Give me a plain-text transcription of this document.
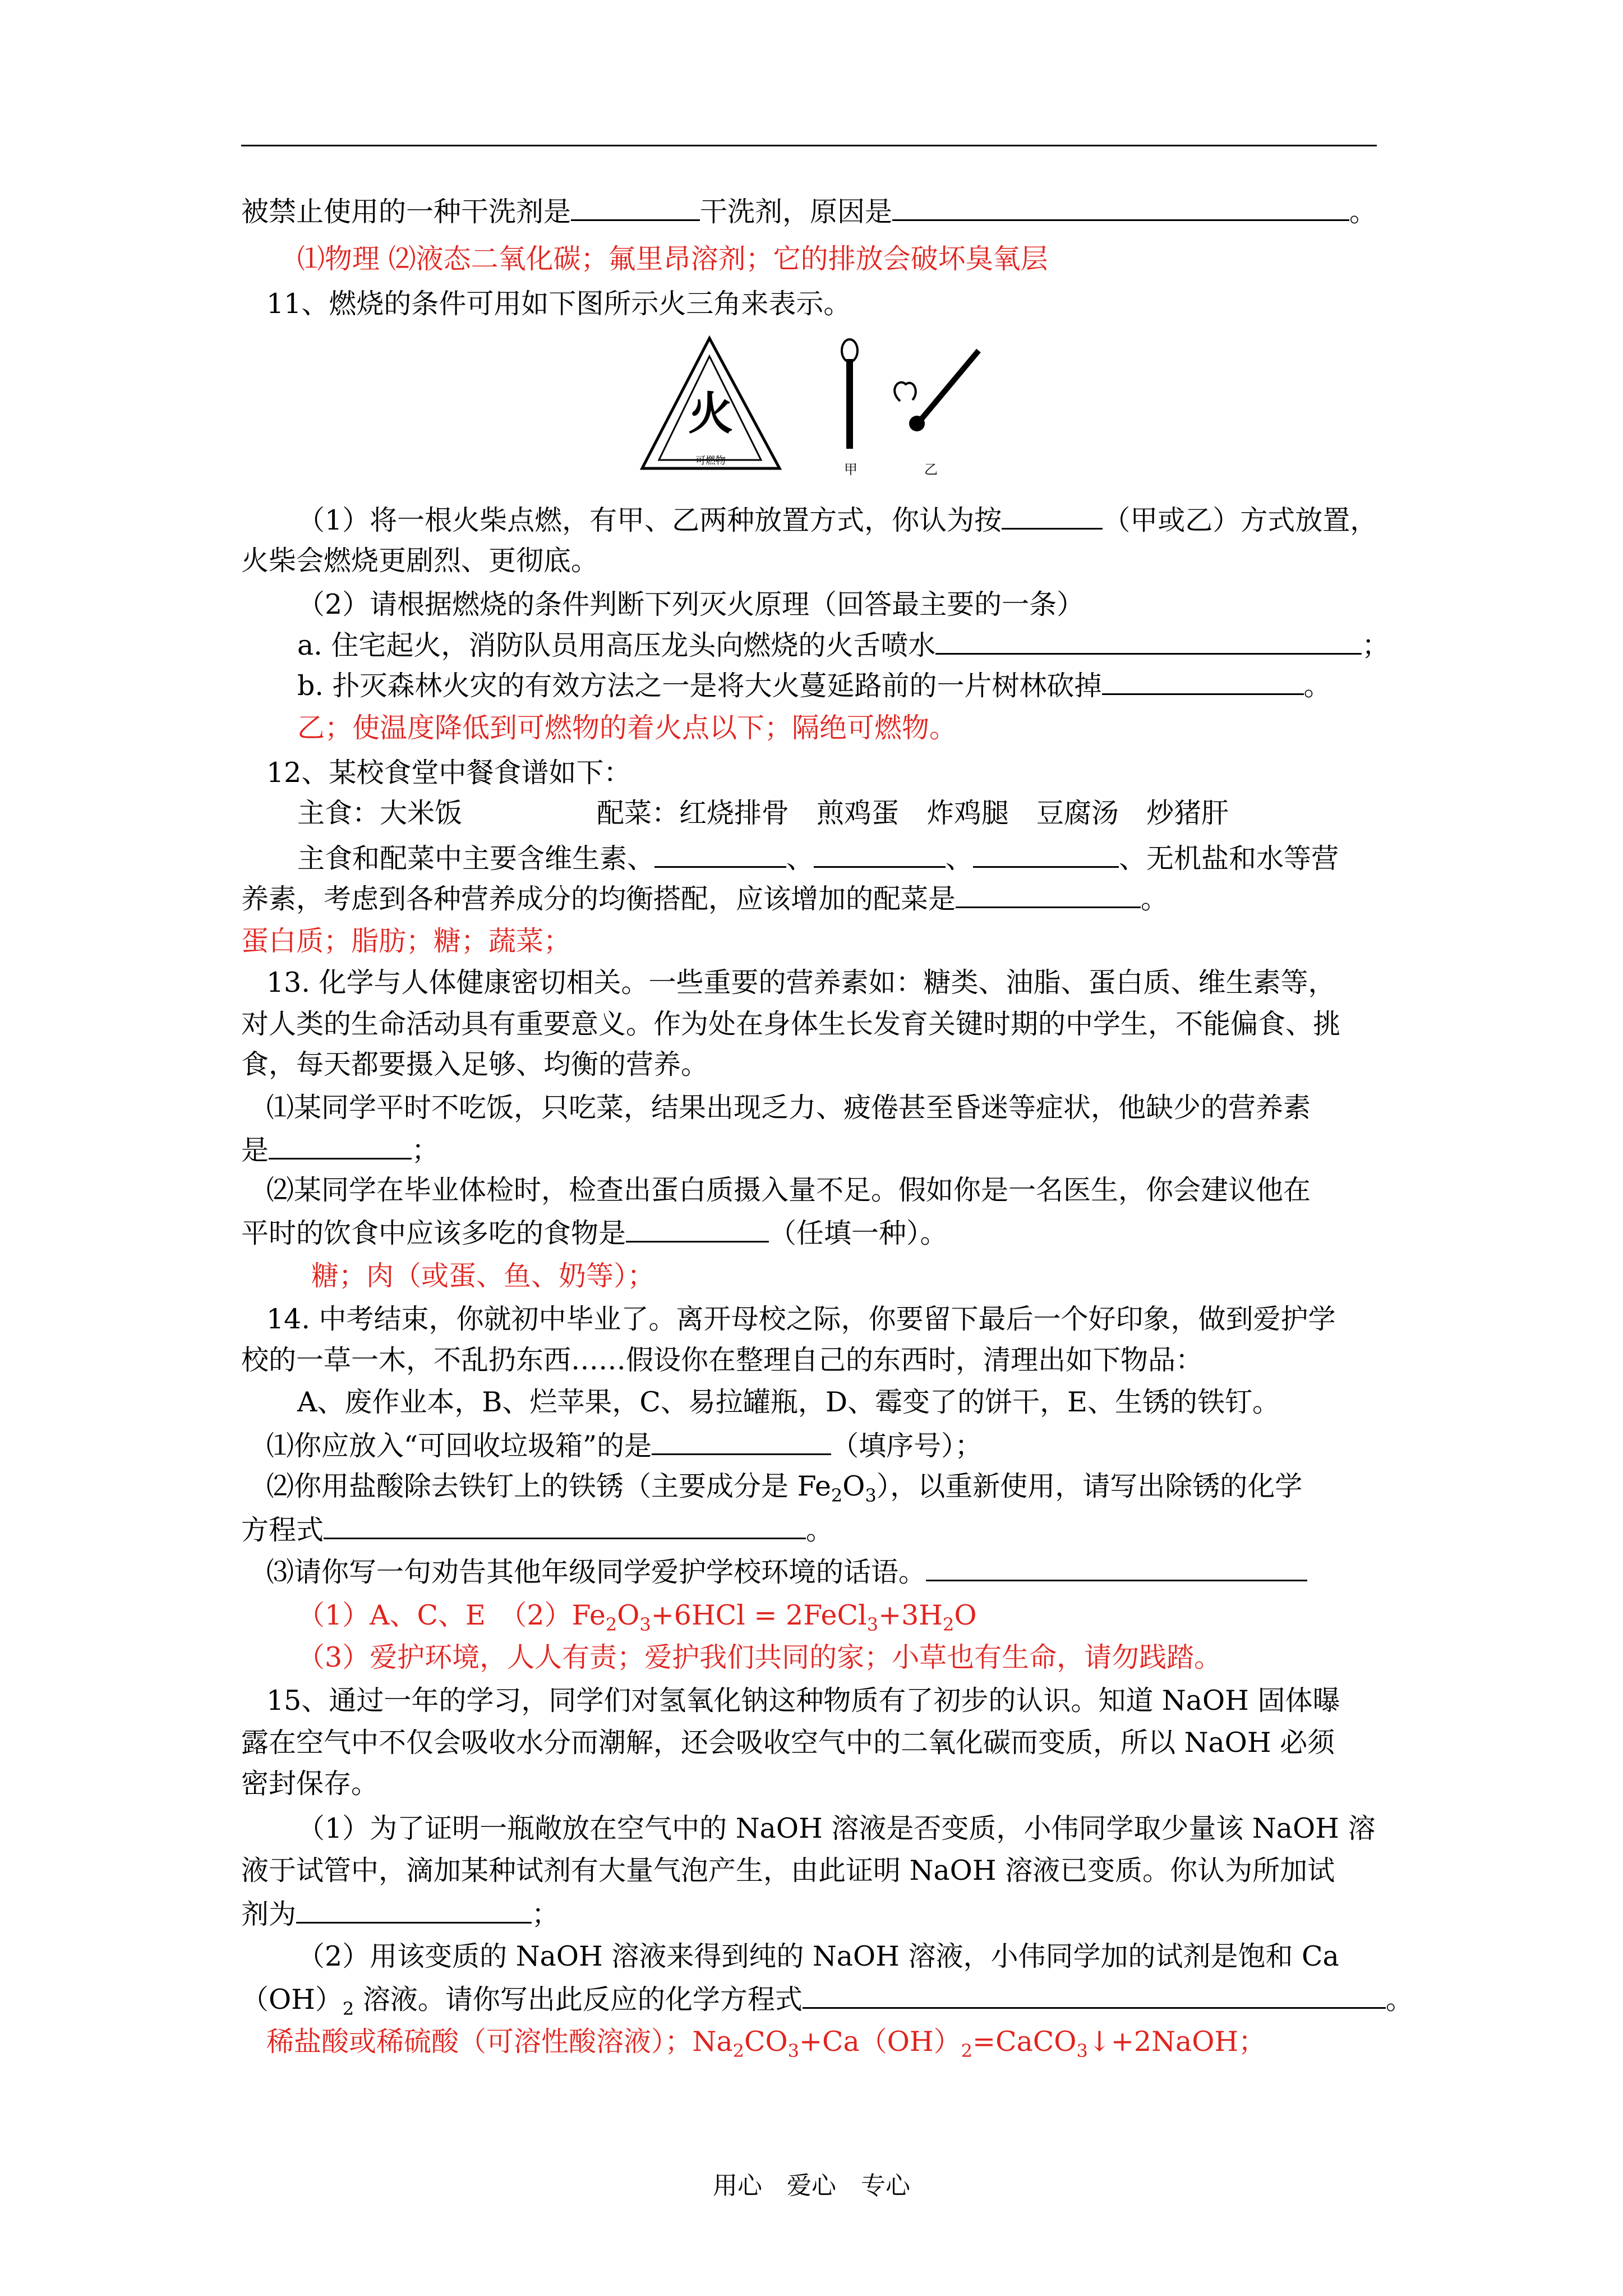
被禁止使用的一种干洗剂是	干洗剂，原因是	。
⑴物理 ⑵液态二氧化碳；氟里昂溶剂；它的排放会破坏臭氧层
11、燃烧的条件可用如下图所示火三角来表示。
火
可燃物
甲	乙
（1）将一根火柴点燃，有甲、乙两种放置方式，你认为按	（甲或乙）方式放置，
火柴会燃烧更剧烈、更彻底。
（2）请根据燃烧的条件判断下列灭火原理（回答最主要的一条）
a. 住宅起火，消防队员用高压龙头向燃烧的火舌喷水	；
b. 扑灭森林火灾的有效方法之一是将大火蔓延路前的一片树林砍掉	。
乙；使温度降低到可燃物的着火点以下；隔绝可燃物。
12、某校食堂中餐食谱如下：
主食：大米饭	配菜：红烧排骨　煎鸡蛋　炸鸡腿　豆腐汤　炒猪肝
主食和配菜中主要含维生素、	、	、	、无机盐和水等营
养素，考虑到各种营养成分的均衡搭配，应该增加的配菜是	。
蛋白质；脂肪；糖；蔬菜；
13. 化学与人体健康密切相关。一些重要的营养素如：糖类、油脂、蛋白质、维生素等，
对人类的生命活动具有重要意义。作为处在身体生长发育关键时期的中学生，不能偏食、挑
食，每天都要摄入足够、均衡的营养。
⑴某同学平时不吃饭，只吃菜，结果出现乏力、疲倦甚至昏迷等症状，他缺少的营养素
是	；
⑵某同学在毕业体检时，检查出蛋白质摄入量不足。假如你是一名医生，你会建议他在
平时的饮食中应该多吃的食物是	（任填一种）。
糖；肉（或蛋、鱼、奶等）；
14. 中考结束，你就初中毕业了。离开母校之际，你要留下最后一个好印象，做到爱护学
校的一草一木，不乱扔东西……假设你在整理自己的东西时，清理出如下物品：
A、废作业本，B、烂苹果，C、易拉罐瓶，D、霉变了的饼干，E、生锈的铁钉。
⑴你应放入“可回收垃圾箱”的是	（填序号）；
⑵你用盐酸除去铁钉上的铁锈（主要成分是 $Fe_2O_3$），以重新使用，请写出除锈的化学
方程式	。
⑶请你写一句劝告其他年级同学爱护学校环境的话语。
（1）A、C、E　$(2)Fe_2O_3+6HCl$ = $2FeCl_3+3H_2O$
（3）爱护环境，人人有责；爱护我们共同的家；小草也有生命，请勿践踏。
15、通过一年的学习，同学们对氢氧化钠这种物质有了初步的认识。知道 NaOH 固体曝
露在空气中不仅会吸收水分而潮解，还会吸收空气中的二氧化碳而变质，所以 NaOH 必须
密封保存。
（1）为了证明一瓶敞放在空气中的 NaOH 溶液是否变质，小伟同学取少量该 NaOH 溶
液于试管中，滴加某种试剂有大量气泡产生，由此证明 NaOH 溶液已变质。你认为所加试
剂为	；
（2）用该变质的 NaOH 溶液来得到纯的 NaOH 溶液，小伟同学加的试剂是饱和 Ca
$(OH)_2$ 溶液。请你写出此反应的化学方程式	。
稀盐酸或稀硫酸（可溶性酸溶液）；$Na_2CO_3+Ca(OH)_2=CaCO_3↓+2NaOH$；
用心　爱心　专心
